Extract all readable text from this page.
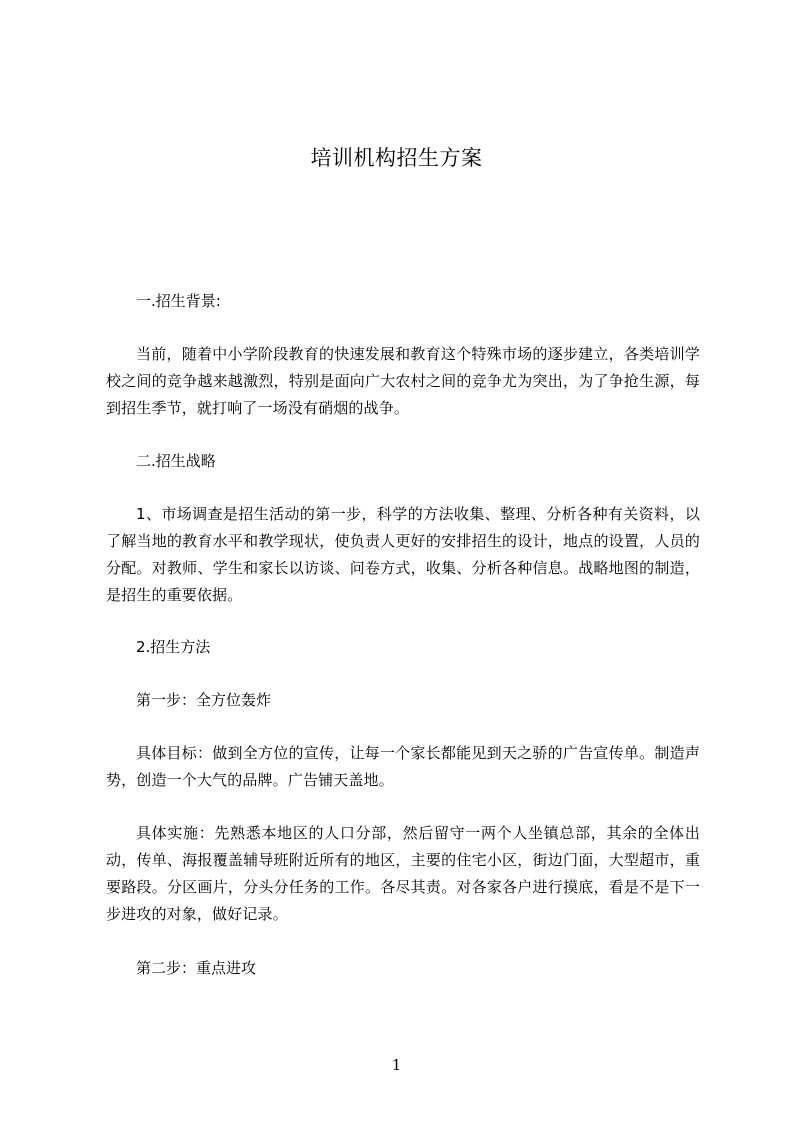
培训机构招生方案
一.招生背景:
当前，随着中小学阶段教育的快速发展和教育这个特殊市场的逐步建立，各类培训学校之间的竞争越来越激烈，特别是面向广大农村之间的竞争尤为突出，为了争抢生源，每到招生季节，就打响了一场没有硝烟的战争。
二.招生战略
1、市场调查是招生活动的第一步，科学的方法收集、整理、分析各种有关资料，以了解当地的教育水平和教学现状，使负责人更好的安排招生的设计，地点的设置，人员的分配。对教师、学生和家长以访谈、问卷方式，收集、分析各种信息。战略地图的制造，是招生的重要依据。
2.招生方法
第一步：全方位轰炸
具体目标：做到全方位的宣传，让每一个家长都能见到天之骄的广告宣传单。制造声势，创造一个大气的品牌。广告铺天盖地。
具体实施：先熟悉本地区的人口分部，然后留守一两个人坐镇总部，其余的全体出动，传单、海报覆盖辅导班附近所有的地区，主要的住宅小区，街边门面，大型超市，重要路段。分区画片，分头分任务的工作。各尽其责。对各家各户进行摸底，看是不是下一步进攻的对象，做好记录。
第二步：重点进攻
1
